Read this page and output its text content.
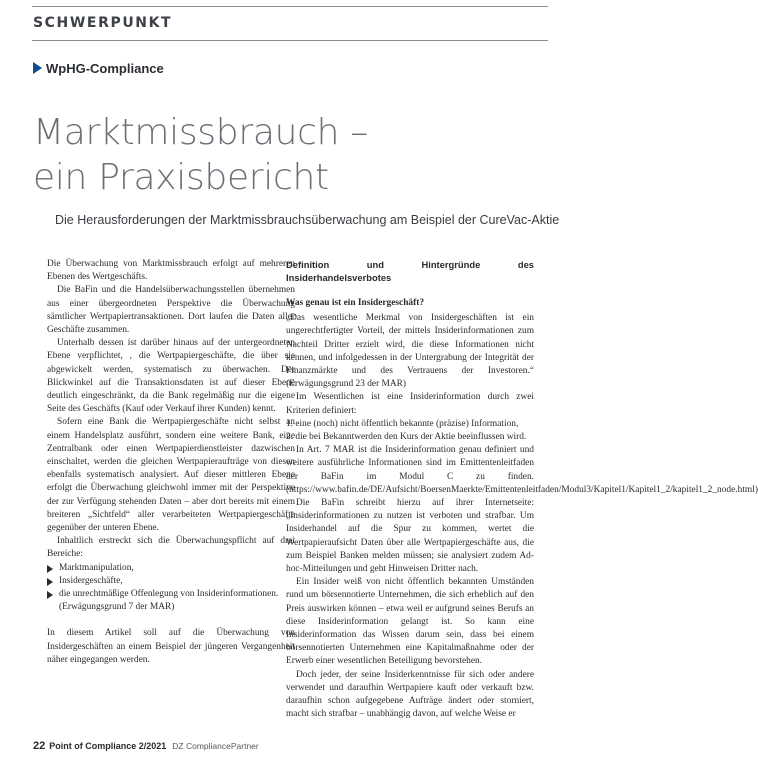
SCHWERPUNKT
WpHG-Compliance
Marktmissbrauch –
ein Praxisbericht

Die Herausforderungen der Marktmissbrauchsüberwachung am Beispiel der CureVac-Aktie

Die Überwachung von Marktmissbrauch erfolgt auf mehreren Ebenen des Wertgeschäfts.

Die BaFin und die Handelsüberwachungsstellen übernehmen aus einer übergeordneten Perspektive die Überwachung sämtlicher Wertpapiertransaktionen. Dort laufen die Daten aller Geschäfte zusammen.

Unterhalb dessen ist darüber hinaus auf der untergeordneten Ebene verpflichtet, , die Wertpapiergeschäfte, die über sie abgewickelt werden, systematisch zu überwachen. Der Blickwinkel auf die Transaktionsdaten ist auf dieser Ebene deutlich eingeschränkt, da die Bank regelmäßig nur die eigene Seite des Geschäfts (Kauf oder Verkauf ihrer Kunden) kennt.

Sofern eine Bank die Wertpapiergeschäfte nicht selbst an einem Handelsplatz ausführt, sondern eine weitere Bank, eine Zentralbank oder einen Wertpapierdienstleister dazwischen einschaltet, werden die gleichen Wertpapieraufträge von diesen ebenfalls systematisch analysiert. Auf dieser mittleren Ebene erfolgt die Überwachung gleichwohl immer mit der Perspektive der zur Verfügung stehenden Daten – aber dort bereits mit einem breiteren „Sichtfeld“ aller verarbeiteten Wertpapiergeschäfte gegenüber der unteren Ebene.

Inhaltlich erstreckt sich die Überwachungspflicht auf drei Bereiche:

Marktmanipulation,
Insidergeschäfte,
die unrechtmäßige Offenlegung von Insiderinformationen. (Erwägungsgrund 7 der MAR)

In diesem Artikel soll auf die Überwachung von Insidergeschäften an einem Beispiel der jüngeren Vergangenheit näher eingegangen werden.

Definition und Hintergründe des Insiderhandelsverbotes

Was genau ist ein Insidergeschäft?

„Das wesentliche Merkmal von Insidergeschäften ist ein ungerechtfertigter Vorteil, der mittels Insiderinformationen zum Nachteil Dritter erzielt wird, die diese Informationen nicht kennen, und infolgedessen in der Untergrabung der Integrität der Finanzmärkte und des Vertrauens der Investoren.“ (Erwägungsgrund 23 der MAR)

Im Wesentlichen ist eine Insiderinformation durch zwei Kriterien definiert:

1. eine (noch) nicht öffentlich bekannte (präzise) Information,

2. die bei Bekanntwerden den Kurs der Aktie beeinflussen wird.

In Art. 7 MAR ist die Insiderinformation genau definiert und weitere ausführliche Informationen sind im Emittentenleitfaden der BaFin im Modul C zu finden. (https://www.bafin.de/DE/Aufsicht/BoersenMaerkte/Emittentenleitfaden/Modul3/Kapitel1/Kapitel1_2/kapitel1_2_node.html)

Die BaFin schreibt hierzu auf ihrer Internetseite: „Insiderinformationen zu nutzen ist verboten und strafbar. Um Insiderhandel auf die Spur zu kommen, wertet die Wertpapieraufsicht Daten über alle Wertpapiergeschäfte aus, die zum Beispiel Banken melden müssen; sie analysiert zudem Ad-hoc-Mitteilungen und geht Hinweisen Dritter nach.

Ein Insider weiß von nicht öffentlich bekannten Umständen rund um börsennotierte Unternehmen, die sich erheblich auf den Preis auswirken können – etwa weil er aufgrund seines Berufs an diese Insiderinformation gelangt ist. So kann eine Insiderinformation das Wissen darum sein, dass bei einem börsennotierten Unternehmen eine Kapitalmaßnahme oder der Erwerb einer wesentlichen Beteiligung bevorstehen.

Doch jeder, der seine Insiderkenntnisse für sich oder andere verwendet und daraufhin Wertpapiere kauft oder verkauft bzw. daraufhin schon aufgegebene Aufträge ändert oder storniert, macht sich strafbar – unabhängig davon, auf welche Weise er

22 Point of Compliance 2/2021 DZ CompliancePartner
